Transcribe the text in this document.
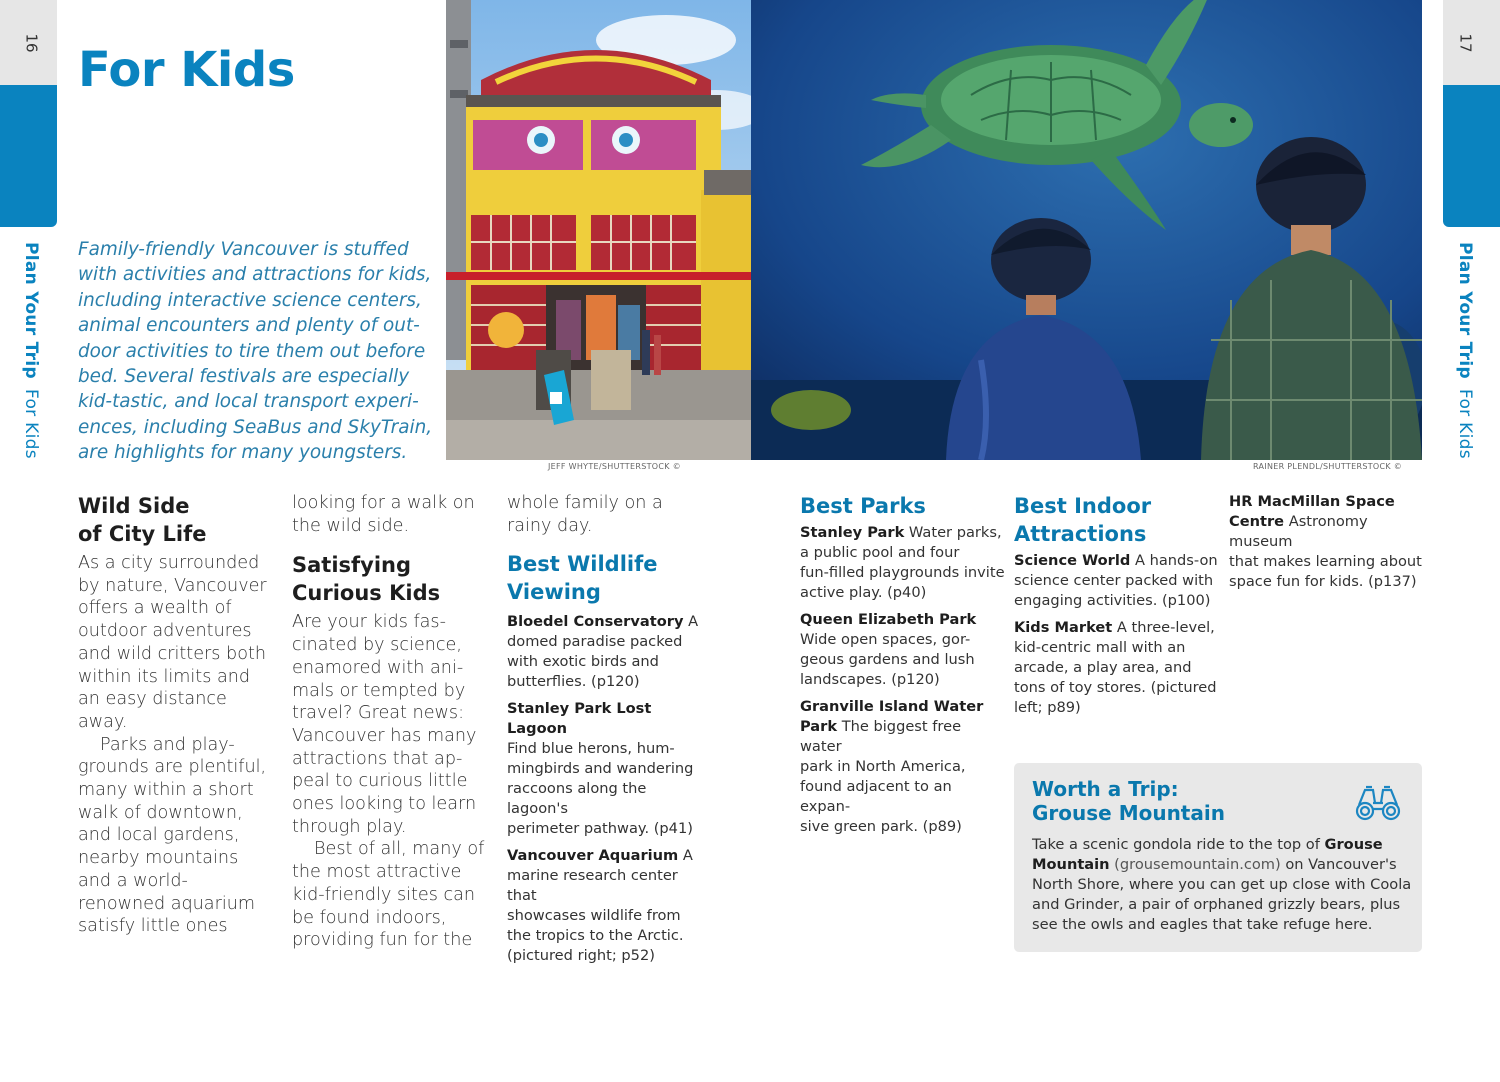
16
Plan Your TripFor Kids
17
Plan Your TripFor Kids
For Kids
Family-friendly Vancouver is stuffed
with activities and attractions for kids,
including interactive science centers,
animal encounters and plenty of out-
door activities to tire them out before
bed. Several festivals are especially
kid-tastic, and local transport experi-
ences, including SeaBus and SkyTrain,
are highlights for many youngsters.
JEFF WHYTE/SHUTTERSTOCK ©	RAINER PLENDL/SHUTTERSTOCK ©
Wild Side
of City Life
As a city surrounded
by nature, Vancouver
offers a wealth of
outdoor adventures
and wild critters both
within its limits and
an easy distance
away.
Parks and play-
grounds are plentiful,
many within a short
walk of downtown,
and local gardens,
nearby mountains
and a world-
renowned aquarium
satisfy little ones
looking for a walk on
the wild side.
Satisfying
Curious Kids
Are your kids fas-
cinated by science,
enamored with ani-
mals or tempted by
travel? Great news:
Vancouver has many
attractions that ap-
peal to curious little
ones looking to learn
through play.
Best of all, many of
the most attractive
kid-friendly sites can
be found indoors,
providing fun for the
whole family on a
rainy day.
Best Wildlife
Viewing
Bloedel Conservatory A
domed paradise packed
with exotic birds and
butterflies. (p120)
Stanley Park Lost Lagoon
Find blue herons, hum-
mingbirds and wandering
raccoons along the lagoon's
perimeter pathway. (p41)
Vancouver Aquarium A
marine research center that
showcases wildlife from
the tropics to the Arctic.
(pictured right; p52)
Best Parks
Stanley Park Water parks,
a public pool and four
fun-filled playgrounds invite
active play. (p40)
Queen Elizabeth Park
Wide open spaces, gor-
geous gardens and lush
landscapes. (p120)
Granville Island Water
Park The biggest free water
park in North America,
found adjacent to an expan-
sive green park. (p89)
Best Indoor
Attractions
Science World A hands-on
science center packed with
engaging activities. (p100)
Kids Market A three-level,
kid-centric mall with an
arcade, a play area, and
tons of toy stores. (pictured
left; p89)
HR MacMillan Space
Centre Astronomy museum
that makes learning about
space fun for kids. (p137)
Worth a Trip:
Grouse Mountain
Take a scenic gondola ride to the top of Grouse
Mountain (grousemountain.com) on Vancouver's
North Shore, where you can get up close with Coola
and Grinder, a pair of orphaned grizzly bears, plus
see the owls and eagles that take refuge here.
